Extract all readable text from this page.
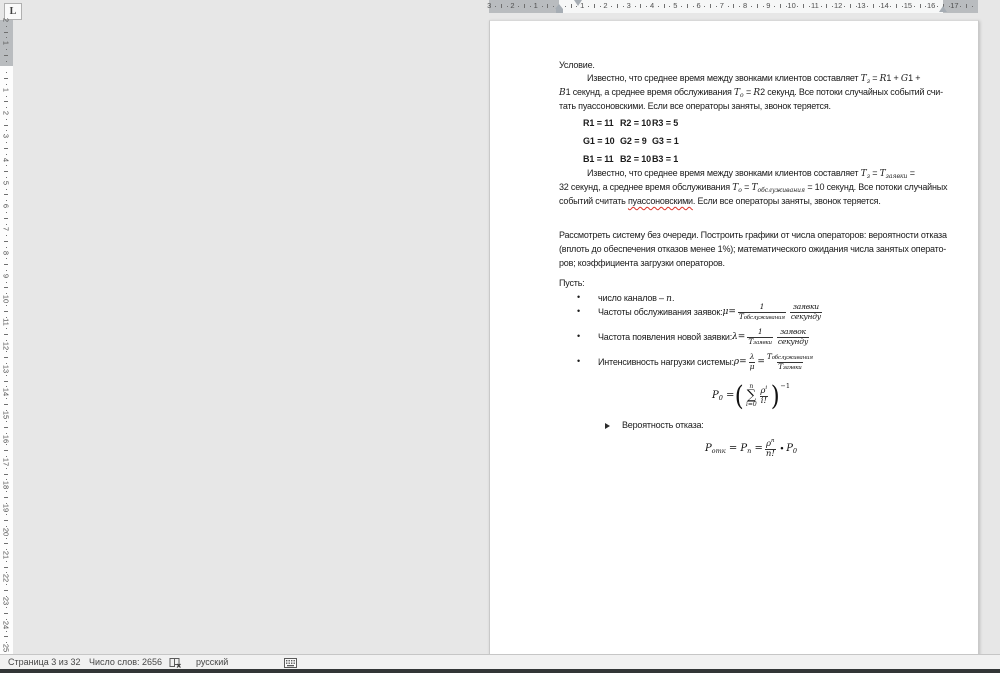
L
1
2
3	1	2	3	4	5	6	7	8	9 10 11 12 13 14 15 16 17
1
2
1
2
3
4
5
6
7
8
9
10
11
12
13
14
15
16
17
18
19
20
21
22
23
24
25
Условие.
Известно, что среднее время между звонками клиентов составляет $T_з = R1 + G1$ +
B1 секунд, а среднее время обслуживания $T_о = R2$ секунд. Все потоки случайных событий счи-
тать пуассоновскими. Если все операторы заняты, звонок теряется.
R1 = 11 R2 = 10R3 = 5
G1 = 10 G2 = 9 G3 = 1
B1 = 11 B2 = 10B3 = 1
Известно, что среднее время между звонками клиентов составляет $T_з = T_{заявки}$ =
32 секунд, а среднее время обслуживания $T_о = T_{обслуживания} = 10$ секунд. Все потоки случайных
событий считать пуассоновскими. Если все операторы заняты, звонок теряется.
Рассмотреть систему без очереди. Построить графики от числа операторов: вероятности отказа
(вплоть до обеспечения отказов менее 1%); математического ожидания числа занятых операто-
ров; коэффициента загрузки операторов.
Пусть:
• число каналов – n.
• Частоты обслуживания заявок: $\mu = \frac{1}{\text{Tобслуживания}} \frac{\text{заявки}}{\text{секунду}}$
• Частота появления новой заявки: $\lambda = \frac{1}{\text{Tзаявки}} \frac{\text{заявок}}{\text{секунду}}$
• Интенсивность нагрузки системы: $\rho = \frac{\lambda}{\mu} = \frac{\text{Tобслуживания}}{\text{Tзаявки}}$
$P_0$ = ( n
∑
$i=0 \frac{\rho^i}{i!}$ ) −1
Вероятность отказа:
$P_{отк} = P_n = \frac{\rho^n}{n!} \cdot P_0$
Страница 3 из 32 Число слов: 2656	русский
